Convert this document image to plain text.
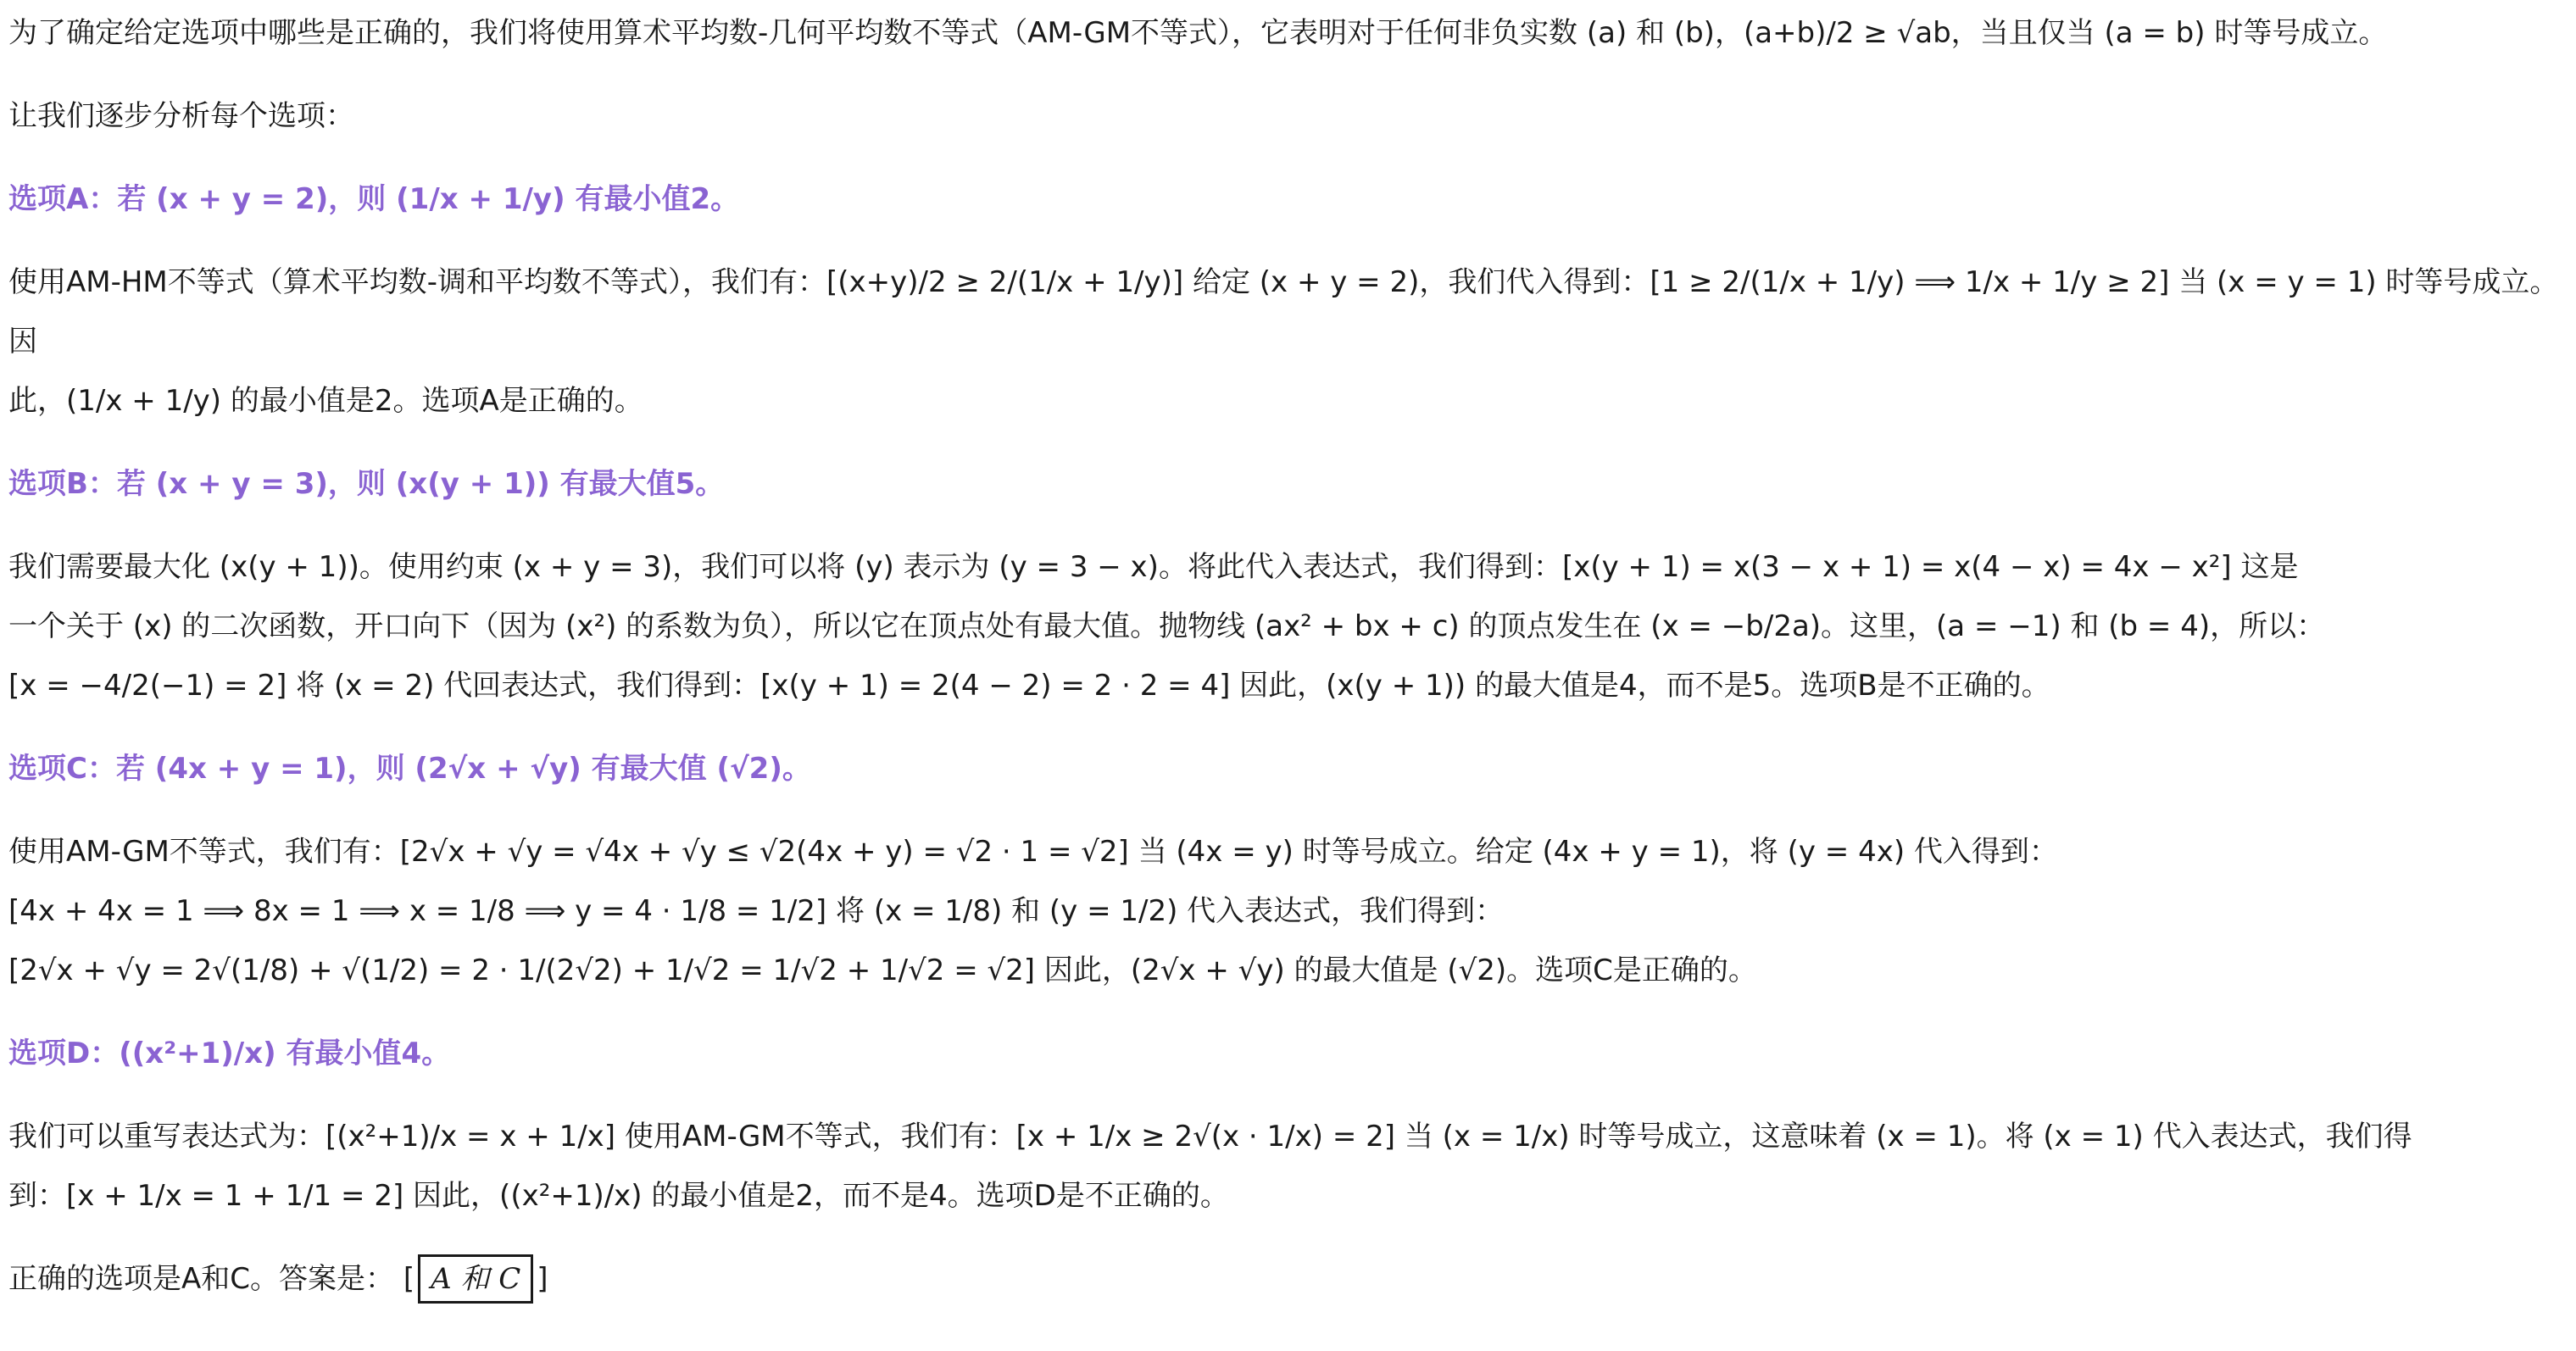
为了确定给定选项中哪些是正确的，我们将使用算术平均数-几何平均数不等式（AM-GM不等式），它表明对于任何非负实数 (a) 和 (b)，(a+b)/2 ≥ √ab，当且仅当 (a = b) 时等号成立。

让我们逐步分析每个选项：

选项A：若 (x + y = 2)，则 (1/x + 1/y) 有最小值2。

使用AM-HM不等式（算术平均数-调和平均数不等式），我们有：[(x+y)/2 ≥ 2/(1/x + 1/y)] 给定 (x + y = 2)，我们代入得到：[1 ≥ 2/(1/x + 1/y) ⟹ 1/x + 1/y ≥ 2] 当 (x = y = 1) 时等号成立。因

此，(1/x + 1/y) 的最小值是2。选项A是正确的。

选项B：若 (x + y = 3)，则 (x(y + 1)) 有最大值5。

我们需要最大化 (x(y + 1))。使用约束 (x + y = 3)，我们可以将 (y) 表示为 (y = 3 − x)。将此代入表达式，我们得到：[x(y + 1) = x(3 − x + 1) = x(4 − x) = 4x − x²] 这是

一个关于 (x) 的二次函数，开口向下（因为 (x²) 的系数为负），所以它在顶点处有最大值。抛物线 (ax² + bx + c) 的顶点发生在 (x = −b/2a)。这里，(a = −1) 和 (b = 4)，所以：

[x = −4/2(−1) = 2] 将 (x = 2) 代回表达式，我们得到：[x(y + 1) = 2(4 − 2) = 2 · 2 = 4] 因此，(x(y + 1)) 的最大值是4，而不是5。选项B是不正确的。

选项C：若 (4x + y = 1)，则 (2√x + √y) 有最大值 (√2)。

使用AM-GM不等式，我们有：[2√x + √y = √4x + √y ≤ √2(4x + y) = √2 · 1 = √2] 当 (4x = y) 时等号成立。给定 (4x + y = 1)，将 (y = 4x) 代入得到：

[4x + 4x = 1 ⟹ 8x = 1 ⟹ x = 1/8 ⟹ y = 4 · 1/8 = 1/2] 将 (x = 1/8) 和 (y = 1/2) 代入表达式，我们得到：

[2√x + √y = 2√(1/8) + √(1/2) = 2 · 1/(2√2) + 1/√2 = 1/√2 + 1/√2 = √2] 因此，(2√x + √y) 的最大值是 (√2)。选项C是正确的。

选项D：((x²+1)/x) 有最小值4。

我们可以重写表达式为：[(x²+1)/x = x + 1/x] 使用AM-GM不等式，我们有：[x + 1/x ≥ 2√(x · 1/x) = 2] 当 (x = 1/x) 时等号成立，这意味着 (x = 1)。将 (x = 1) 代入表达式，我们得

到：[x + 1/x = 1 + 1/1 = 2] 因此，((x²+1)/x) 的最小值是2，而不是4。选项D是不正确的。

正确的选项是A和C。答案是： [ A 和 C ]
